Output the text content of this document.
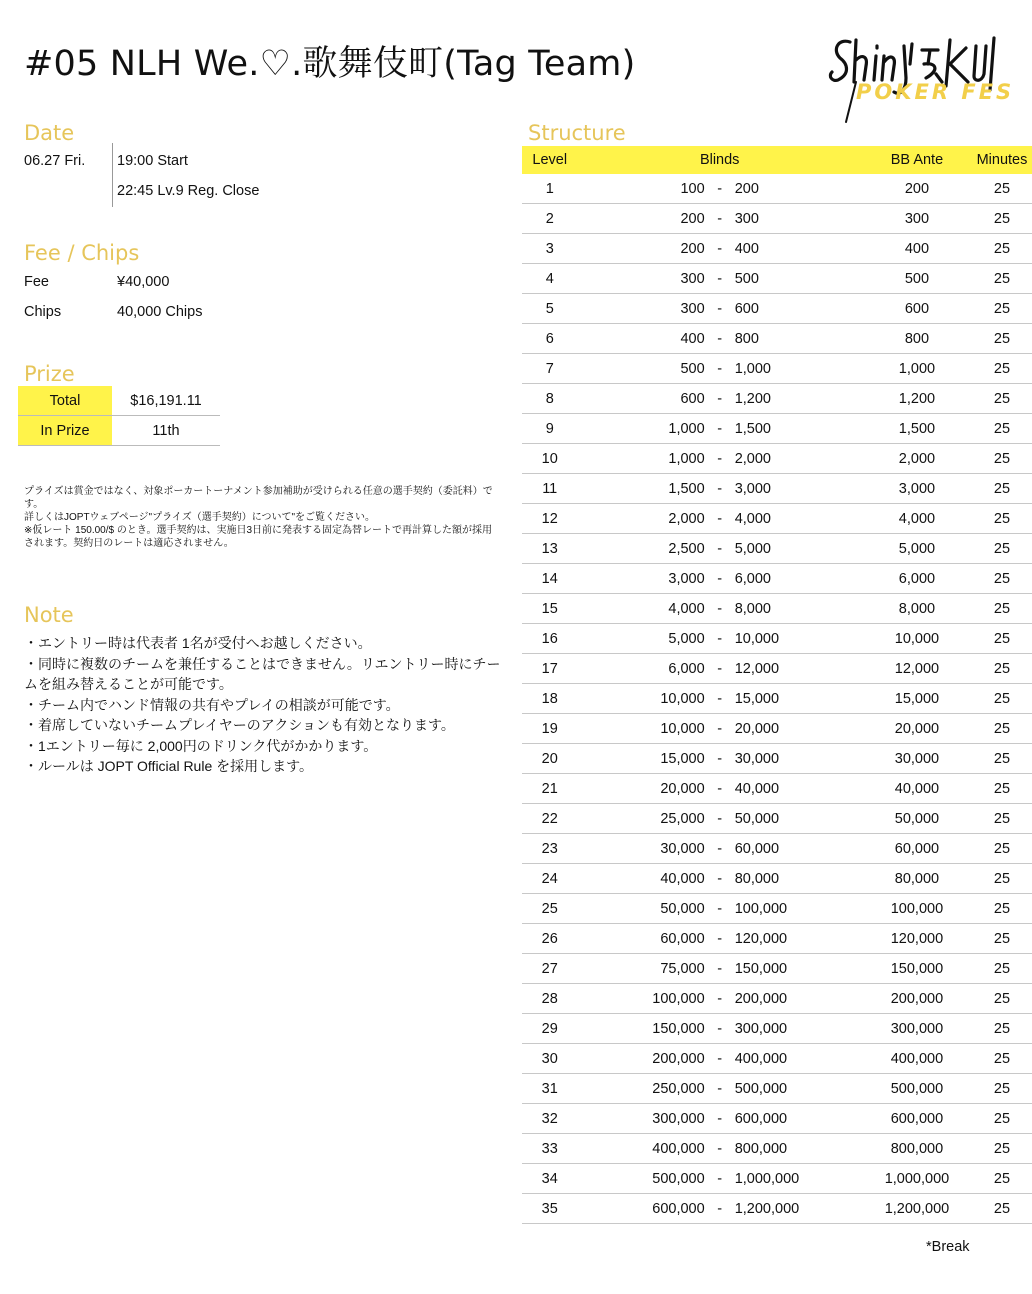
#05 NLH We.♡.歌舞伎町(Tag Team)
POKER FES
Date
06.27 Fri. 19:00 Start
22:45 Lv.9 Reg. Close
Fee / Chips
Fee	¥40,000
Chips	40,000 Chips
Prize
Total	$16,191.11
In Prize	11th
プライズは賞金ではなく、対象ポーカートーナメント参加補助が受けられる任意の選手契約（委託料）です。
詳しくはJOPTウェブページ"プライズ（選手契約）について"をご覧ください。
※仮レート 150.00/$ のとき。選手契約は、実施日3日前に発表する固定為替レートで再計算した額が採用されます。契約日のレートは適応されません。
Note
・エントリー時は代表者 1名が受付へお越しください。
・同時に複数のチームを兼任することはできません。リエントリー時にチームを組み替えることが可能です。
・チーム内でハンド情報の共有やプレイの相談が可能です。
・着席していないチームプレイヤーのアクションも有効となります。
・1エントリー毎に 2,000円のドリンク代がかかります。
・ルールは JOPT Official Rule を採用します。
Structure
Level	Blinds	BB Ante	Minutes
1	100 - 200	200	25
2	200 - 300	300	25
3	200 - 400	400	25
4	300 - 500	500	25
5	300 - 600	600	25
6	400 - 800	800	25
7	500 - 1,000	1,000	25
8	600 - 1,200	1,200	25
9	1,000 - 1,500	1,500	25
10	1,000 - 2,000	2,000	25
11	1,500 - 3,000	3,000	25
12	2,000 - 4,000	4,000	25
13	2,500 - 5,000	5,000	25
14	3,000 - 6,000	6,000	25
15	4,000 - 8,000	8,000	25
16	5,000 - 10,000	10,000	25
17	6,000 - 12,000	12,000	25
18	10,000 - 15,000	15,000	25
19	10,000 - 20,000	20,000	25
20	15,000 - 30,000	30,000	25
21	20,000 - 40,000	40,000	25
22	25,000 - 50,000	50,000	25
23	30,000 - 60,000	60,000	25
24	40,000 - 80,000	80,000	25
25	50,000 - 100,000	100,000	25
26	60,000 - 120,000	120,000	25
27	75,000 - 150,000	150,000	25
28	100,000 - 200,000	200,000	25
29	150,000 - 300,000	300,000	25
30	200,000 - 400,000	400,000	25
31	250,000 - 500,000	500,000	25
32	300,000 - 600,000	600,000	25
33	400,000 - 800,000	800,000	25
34	500,000 - 1,000,000	1,000,000	25
35	600,000 - 1,200,000	1,200,000	25
*Break
